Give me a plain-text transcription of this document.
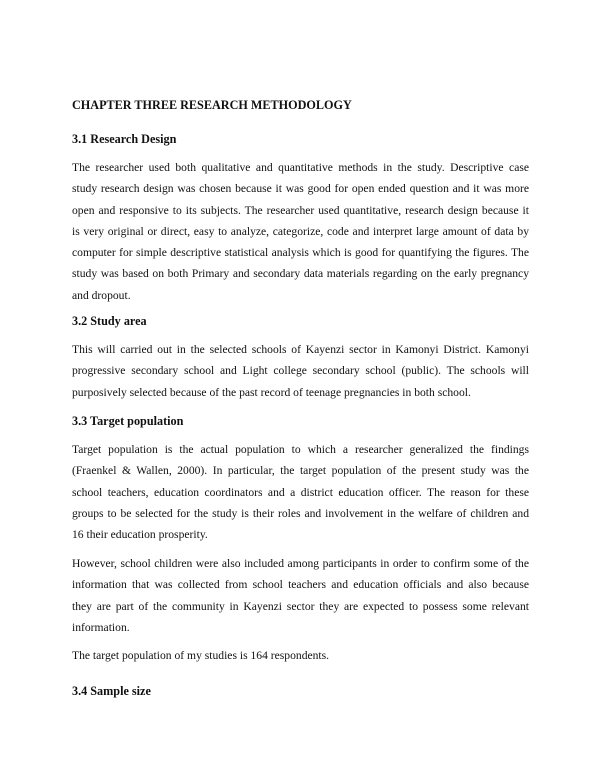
CHAPTER THREE RESEARCH METHODOLOGY
3.1 Research Design
The researcher used both qualitative and quantitative methods in the study. Descriptive case
study research design was chosen because it was good for open ended question and it was more
open and responsive to its subjects. The researcher used quantitative, research design because it
is very original or direct, easy to analyze, categorize, code and interpret large amount of data by
computer for simple descriptive statistical analysis which is good for quantifying the figures. The
study was based on both Primary and secondary data materials regarding on the early pregnancy
and dropout.
3.2 Study area
This will carried out in the selected schools of Kayenzi sector in Kamonyi District. Kamonyi
progressive secondary school and Light college secondary school (public). The schools will
purposively selected because of the past record of teenage pregnancies in both school.
3.3 Target population
Target population is the actual population to which a researcher generalized the findings
(Fraenkel & Wallen, 2000). In particular, the target population of the present study was the
school teachers, education coordinators and a district education officer. The reason for these
groups to be selected for the study is their roles and involvement in the welfare of children and
16 their education prosperity.
However, school children were also included among participants in order to confirm some of the
information that was collected from school teachers and education officials and also because
they are part of the community in Kayenzi sector they are expected to possess some relevant
information.
The target population of my studies is 164 respondents.
3.4 Sample size
